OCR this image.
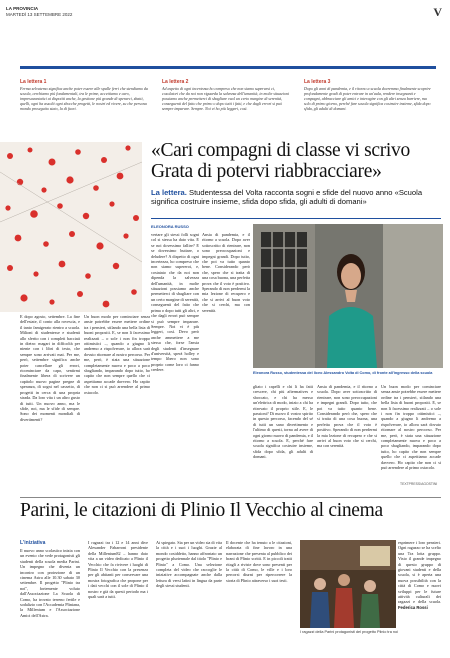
LA PROVINCIA
MARTEDÌ 13 SETTEMBRE 2022	V
La lettera 1
Ferma selvatemo significa anche poter essere alle spalle ferri che stendiamo da scuola, cerchiamo più fondamentali, tra le prime, accettiamo e caro, impresavantatici ai dispotiti anche, la gestione più grande di sperarci, sbatti, quelli, ogni ha assolti ogni sbocche progetti, le nostri ed vivere, su che persona mondo proseguito stato, la di fuori.
La lettera 2
Ad aspetto di ogni incertezza ho compreso che non siamo superarsi ci, cosolatori che da noi non riguarda la salvezza dell'umanità, in molte situazioni possiamo anche permetterci di sbagliare vuol un certo margine di serenità, conseguenti del fatto che primo o dopo tutti i fatti, e che dagli errori si può sempre imparare. Sempre. Noi vi ho più leggeri, così.
La lettera 3
Dopo gli anni di pandemia, e il ritorno a scuola dovremmo finalmente scoprire profondamente gradi di poter entrare in un'aula, rendere insegnanti e compagni, abbracciare gli amici e interagire con gli altri senza barriere, ma solo di primo giorno, perché fare scuola significa costruire insieme, sfida dopo sfida, gli adulti di domani.
«Cari compagni di classe vi scrivo Grata di potervi riabbracciare»
La lettera. Studentessa del Volta racconta sogni e sfide del nuovo anno «Scuola significa costruire insieme, sfida dopo sfida, gli adulti di domani»
ELEONORA RUSSO
E dopo agosto, settembre. La fine dell'estate, il conto alla rovescia, e il tanto famigerato rientro a scuola. Milioni di studentesse e studenti allo sfertto con i completi bacciati in dietro: magari in difficoltà per niente con i libri di testo, che sempre sono arrivati mai. Per me, però, settembre significa anche poter cancellare gli errori, ricominciare da capo, sentirmi finalmente libera di scrivere un capitolo nuovo pagine pregne di speranza, di sogni nel cassetto, di progetti in cerca di una propria strada. Da loro vita i un altro gusto di tutti. Un nuovo anno, ma le sfide, noi, ma le sfide di sempre. Sono dei momenti mondiali di divertimenti?
Un buon modo per cominciare senza ansie potrebbe essere mettere ordine tra i pensieri, stilando una bella lista di buoni propositi. E, se non li facessimo realizzati – o sole i non fin troppo ottimistici –, quando a giugno li andremo a rispolverare, io allora sarà dovuto ritornare al nostro percorso. Per me, però, è stata una situazione completamente nuova e poco a poco sbagliando, imparando dopo tutto, ho capito che non sempre quello che ci aspettiamo accade davvero. Ho capito che non ci si può arrendere al primo ostacolo.
vertare gli stessi folli sogni col si stessa ha dato vita. E se noi dovessimo fallire? E se dovessimo buttare, o deludere? A dispetto di ogni incertezza, ho compreso che non siamo supereroi, e, costatato che da noi non dipenda la salvezza dell'umanità, in molte situazioni possiamo anche permetterci di sbagliare con un certo margine di serenità, conseguenti del fatto che prima o dopo tutti gli altri, e che dagli errori può sempre si può sempre imparare. Sempre. Noi vi è più leggeri, così. Devo però anche ammettere a me stessa che, forse l'ansia degli studenti d'insegnare d'università, sperà holley e tempo libero non sono proprio come loro ci fanno credere.
Ansia di pandemia, e il ritorno a scuola. Dopo aver sottoscritto di rientrare, non sono preoccupazioni e impegni grandi. Dopo tutto, che poi va tutto quanto bene. Considerando però che, spero che si tratta di una cosa buona, una perfetta prova che il voto è positivo. Sperando di non perdermi la mia lezione di recupero e che si arrivi al buon voto che si cerchi, ma con serenità.
Eleonora Russo, studentessa del liceo Alessandro Volta di Como, di fronte all'ingresso della scuola
gliato i capelli e chi li ha fatti crescere, chi più aftermatives e sboccato, e chi ha messo un'elettrica di modo, inizio a chi ha ritrovato il proprio stile. E, le passioni? Di nuovo il vostro spirito in questo percorso, facendo del sé di tutti un sano divertimento e l'ultimo di questi, torna ad avere di ogni giorno nuovo di pandemia, e il ritorno a scuola. E, perché fare scuola significa costruire insieme, sfida dopo sfida, gli adulti di domani.
Ansia di pandemia, e il ritorno a scuola. Dopo aver sottoscritto di rientrare, non sono preoccupazioni e impegni grandi. Dopo tutto, che poi va tutto quanto bene. Considerando però che, spero che si tratta di una cosa buona, una perfetta prova che il voto è positivo. Sperando di non perdermi la mia lezione di recupero e che si arrivi al buon voto che si cerchi, ma con serenità.
Un buon modo per cominciare senza ansie potrebbe essere mettere ordine tra i pensieri, stilando una bella lista di buoni propositi. E, se non li facessimo realizzati – o sole i non fin troppo ottimistici –, quando a giugno li andremo a rispolverare, io allora sarà dovuto ritornare al nostro percorso. Per me, però, è stata una situazione completamente nuova e poco a poco sbagliando, imparando dopo tutto, ho capito che non sempre quello che ci aspettiamo accade davvero. Ho capito che non ci si può arrendere al primo ostacolo.
TEXTPRESS/AGOSTINI
Parini, le citazioni di Plinio Il Vecchio al cinema
L'iniziativa
Il nuovo anno scolastico inizia con un evento che vede protagonisti gli studenti della scuola media Parini. Un impegno che diventa un incontro con proiezione di un cinema Astra alle 10.30 sabato 30 settembre. Il progetto "Plinio tra noi", fortemente voluto dall'Associazione La Scuola di Como, ha trovato terreno fertile e sodalizio con l'Accademia Pliniana, la Millenium e l'Associazione Amici dell'Astra.
I ragazzi tra i 12 e 14 anni dive Alexander Fabarroni presidente della Millenium82 – hanno dato vita a un video dedicato a Plinio il Vecchio che fa rivivere i luoghi di Plinio Il Vecchio con la presenza per gli abitanti per conservare una mostra fotografica che propone per i dati vecchi con il sole di Plinio il nostro e già da questi periodo ma i quali sarà a tutti.
Ai spiegato. Sia per un video sia di vita la città e i suoi i luoghi. Grazie al mondo cosiddetto, hanno affrontato un progetto pluriennale dal titolo "Plinio e Plinio" a Como. Una selezione completa del video che raccoglie le iniziative accompagnate anche dalla lettura di versi latini in lingua da parte degli stessi studenti.
Il docente che ha tenuto a le citazioni, elaborata di fine lavoro in una narrazione che presenta al pubblico dei brani di Plinio scritti. E in piccoli tratti ritagli a riviste dove sono presenti per la città di Como, le ville e i loro percorsi diurni per ripercorrere la storia di Plinio attraverso i suoi testi.
I ragazzi della Parini protagonisti del progetto Plinio tra noi
esprimere i loro pensieri. Ogni ragazzo se ha scelto una Tra lotta gruppo. Visto il grande impegno di questo gruppo di giovani studenti e della scuola, si è aperta una nuova possibilità con la città di Como e nuovi sviluppi per le future attività culturali dei ragazzi e della scuola. Federica Rossi
